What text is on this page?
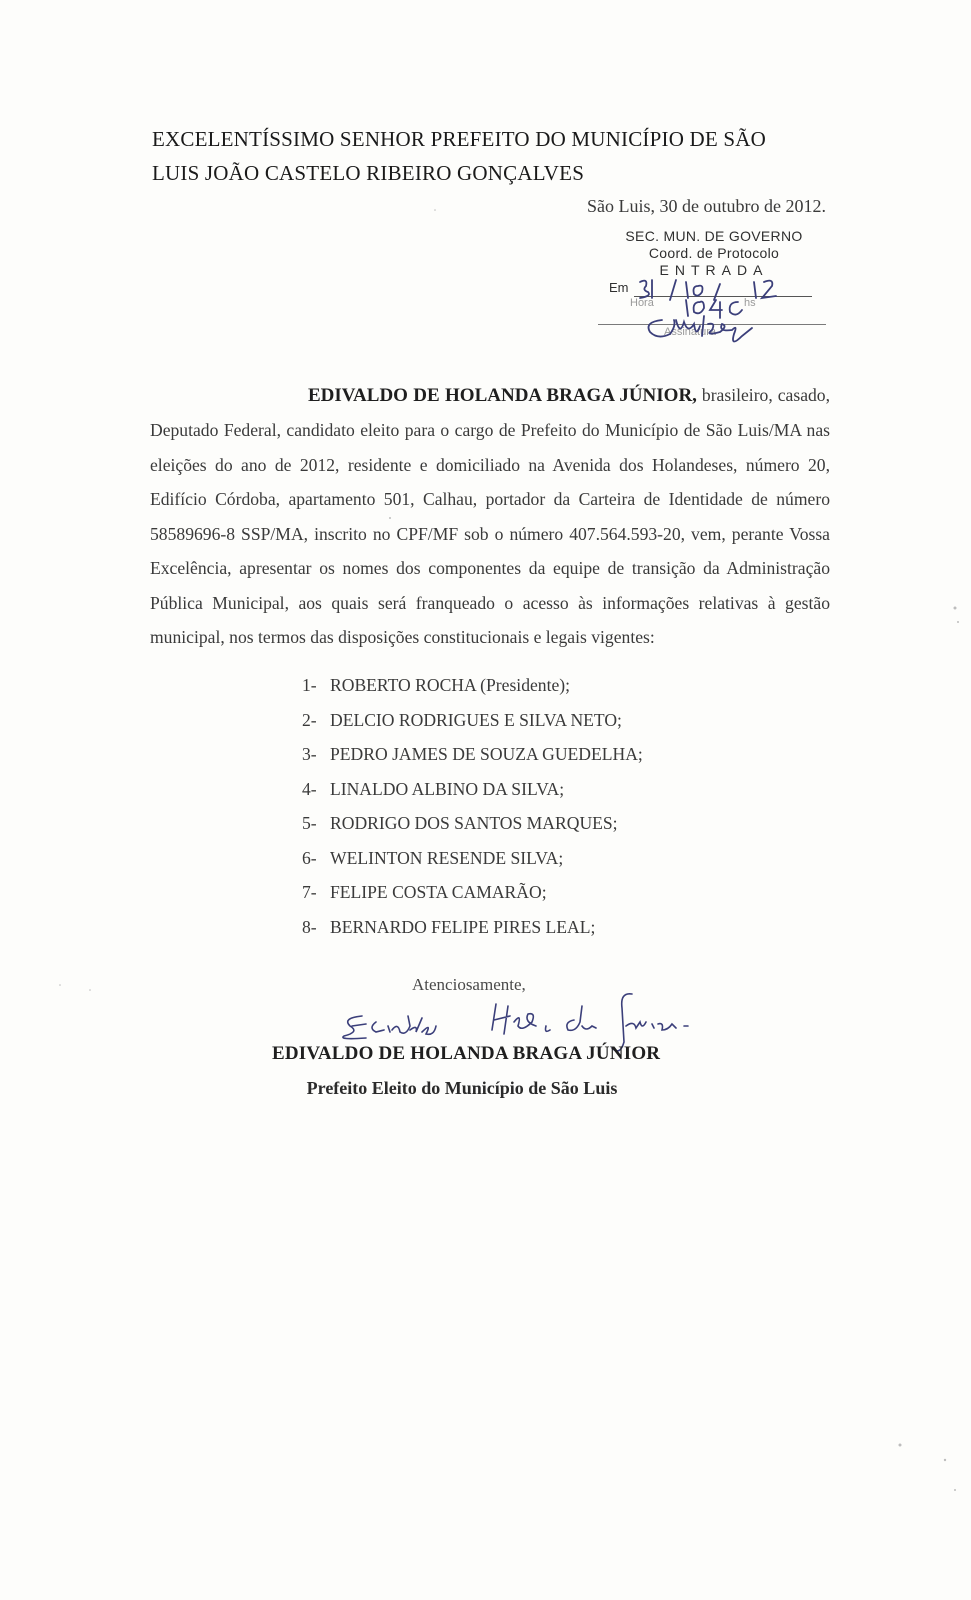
EXCELENTÍSSIMO SENHOR PREFEITO DO MUNICÍPIO DE SÃO
LUIS JOÃO CASTELO RIBEIRO GONÇALVES
São Luis, 30 de outubro de 2012.
SEC. MUN. DE GOVERNO
Coord. de Protocolo
ENTRADA
Em
Hora	hs
Assinatura

EDIVALDO DE HOLANDA BRAGA JÚNIOR, brasileiro, casado, Deputado Federal, candidato eleito para o cargo de Prefeito do Município de São Luis/MA nas eleições do ano de 2012, residente e domiciliado na Avenida dos Holandeses, número 20, Edifício Córdoba, apartamento 501, Calhau, portador da Carteira de Identidade de número 58589696-8 SSP/MA, inscrito no CPF/MF sob o número 407.564.593-20, vem, perante Vossa Excelência, apresentar os nomes dos componentes da equipe de transição da Administração Pública Municipal, aos quais será franqueado o acesso às informações relativas à gestão municipal, nos termos das disposições constitucionais e legais vigentes:

1- ROBERTO ROCHA (Presidente);
2- DELCIO RODRIGUES E SILVA NETO;
3- PEDRO JAMES DE SOUZA GUEDELHA;
4- LINALDO ALBINO DA SILVA;
5- RODRIGO DOS SANTOS MARQUES;
6- WELINTON RESENDE SILVA;
7- FELIPE COSTA CAMARÃO;
8- BERNARDO FELIPE PIRES LEAL;
Atenciosamente,
EDIVALDO DE HOLANDA BRAGA JÚNIOR
Prefeito Eleito do Município de São Luis
